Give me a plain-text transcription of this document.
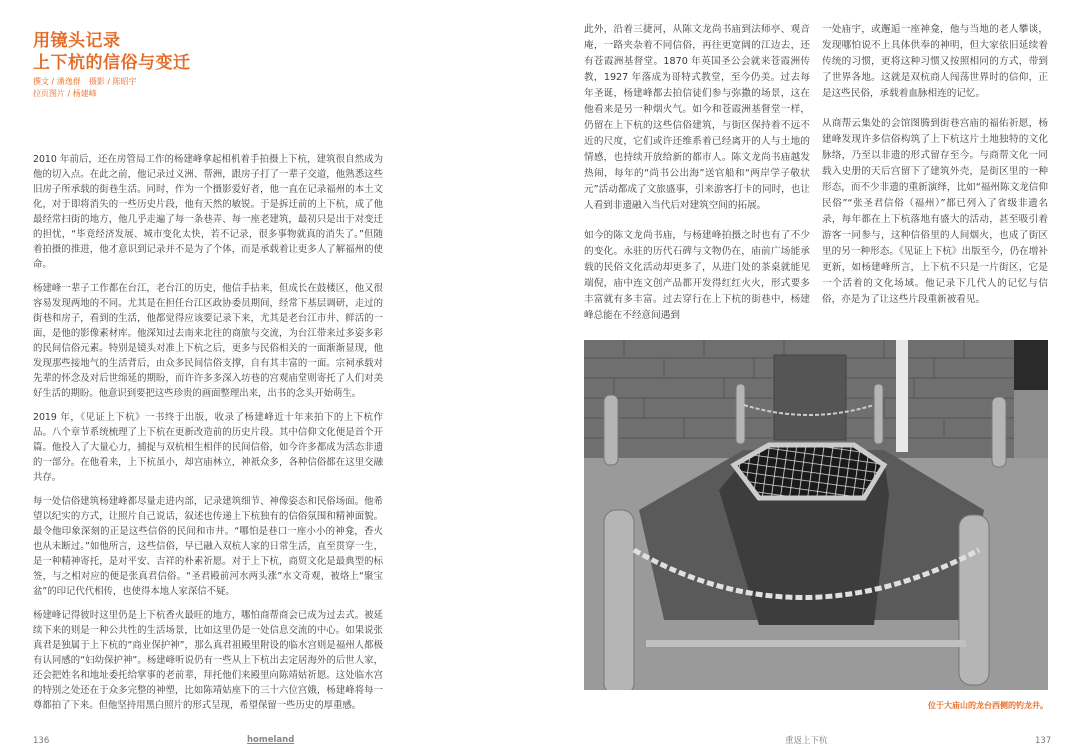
用镜头记录
上下杭的信俗与变迁
撰文 / 潘逸群　摄影 / 陈昭宇
拉页图片 / 杨建峰

2010 年前后，还在房管局工作的杨建峰拿起相机着手拍摄上下杭，建筑很自然成为他的切入点。在此之前，他记录过义洲、帮洲，跟房子打了一辈子交道，他熟悉这些旧房子所承载的街巷生活。同时，作为一个摄影爱好者，他一直在记录福州的本土文化，对于即将消失的一些历史片段，他有天然的敏锐。于是拆迁前的上下杭，成了他最经常扫街的地方，他几乎走遍了每一条巷弄、每一座老建筑，最初只是出于对变迁的担忧，“毕竟经济发展、城市变化太快，若不记录，很多事物就真的消失了。”但随着拍摄的推进，他才意识到记录并不是为了个体，而是承载着让更多人了解福州的使命。

杨建峰一辈子工作都在台江，老台江的历史，他信手拈来，但成长在鼓楼区，他又很容易发现两地的不同。尤其是在担任台江区政协委员期间，经常下基层调研，走过的街巷和房子，看到的生活，他都觉得应该要记录下来，尤其是老台江市井、鲜活的一面，是他的影像素材库。他深知过去南来北往的商旅与交流，为台江带来过多姿多彩的民间信俗元素。特别是镜头对准上下杭之后，更多与民俗相关的一面渐渐显现，他发现那些接地气的生活背后，由众多民间信俗支撑，自有其丰富的一面。宗祠承载对先辈的怀念及对后世绵延的期盼，而许许多多深入坊巷的宫观庙堂则寄托了人们对美好生活的期盼。他意识到要把这些珍贵的画面整理出来，出书的念头开始萌生。

2019 年，《见证上下杭》一书终于出版，收录了杨建峰近十年来拍下的上下杭作品。八个章节系统梳理了上下杭在更新改造前的历史片段。其中信仰文化便是首个开篇。他投入了大量心力，捕捉与双杭相生相伴的民间信俗，如今许多都成为活态非遗的一部分。在他看来，上下杭虽小，却宫庙林立，神祇众多，各种信俗都在这里交融共存。

每一处信俗建筑杨建峰都尽量走进内部，记录建筑细节、神像姿态和民俗场面。他希望以纪实的方式，让照片自己说话，叙述也传递上下杭独有的信俗氛围和精神面貌。最令他印象深刻的正是这些信俗的民间和市井。“哪怕是巷口一座小小的神龛，香火也从未断过。”如他所言，这些信俗，早已融入双杭人家的日常生活，直至贯穿一生，是一种精神寄托，是对平安、吉祥的朴素祈愿。对于上下杭，商贸文化是最典型的标签，与之相对应的便是张真君信俗。“圣君殿前河水两头涨”水文奇观，被烙上“聚宝盆”的印记代代相传，也使得本地人家深信不疑。

杨建峰记得彼时这里仍是上下杭香火最旺的地方，哪怕商帮商会已成为过去式。被延续下来的则是一种公共性的生活场景，比如这里仍是一处信息交流的中心。如果说张真君是独属于上下杭的“商业保护神”，那么真君祖殿里附设的临水宫则是福州人都极有认同感的“妇幼保护神”。杨建峰听说仍有一些从上下杭出去定居海外的后世人家，还会把姓名和地址委托给掌事的老前辈，拜托他们来殿里向陈靖姑祈愿。这处临水宫的特别之处还在于众多完整的神塑，比如陈靖姑座下的三十六位宫娥，杨建峰将每一尊都拍了下来。但他坚持用黑白照片的形式呈现，希望保留一些历史的厚重感。

136	homeland

此外，沿着三捷河，从陈文龙尚书庙到法师亭、观音庵，一路夹杂着不同信俗，再往更宽阔的江边去，还有苍霞洲基督堂。1870 年英国圣公会就来苍霞洲传教，1927 年落成为哥特式教堂，至今仍美。过去每年圣诞，杨建峰都去拍信徒们参与弥撒的场景，这在他看来是另一种烟火气。如今和苍霞洲基督堂一样，仍留在上下杭的这些信俗建筑，与街区保持着不远不近的尺度，它们或许还维系着已经离开的人与土地的情感，也持续开放给新的都市人。陈文龙尚书庙越发热闹，每年的“尚书公出海”送官船和“两岸学子敬状元”活动都成了文旅盛事，引来游客打卡的同时，也让人看到非遗融入当代后对建筑空间的拓展。

如今的陈文龙尚书庙，与杨建峰拍摄之时也有了不少的变化。永驻的历代石碑与文物仍在，庙前广场能承载的民俗文化活动却更多了，从进门处的茶桌就能见端倪，庙中连文创产品都开发得红红火火，形式要多丰富就有多丰富。过去穿行在上下杭的街巷中，杨建峰总能在不经意间遇到

一处庙宇，或邂逅一座神龛，他与当地的老人攀谈，发现哪怕说不上具体供奉的神明，但大家依旧延续着传统的习惯，更将这种习惯又按照相同的方式，带到了世界各地。这就是双杭商人闯荡世界时的信仰，正是这些民俗，承载着血脉相连的记忆。

从商帮云集处的会馆图腾到街巷宫庙的福佑祈愿，杨建峰发现许多信俗构筑了上下杭这片土地独特的文化脉络，乃至以非遗的形式留存至今。与商帮文化一同载入史册的天后宫留下了建筑外壳，是街区里的一种形态，而不少非遗的重新演绎，比如“福州陈文龙信仰民俗”“张圣君信俗（福州）”都已列入了省级非遗名录，每年都在上下杭落地有盛大的活动，甚至吸引着游客一同参与，这种信俗里的人间烟火，也成了街区里的另一种形态。《见证上下杭》出版至今，仍在增补更新，如杨建峰所言，上下杭不只是一片街区，它是一个活着的文化场域。他记录下几代人的记忆与信俗，亦是为了让这些片段重新被看见。

位于大庙山的龙台西侧的钓龙井。
重返上下杭	137
